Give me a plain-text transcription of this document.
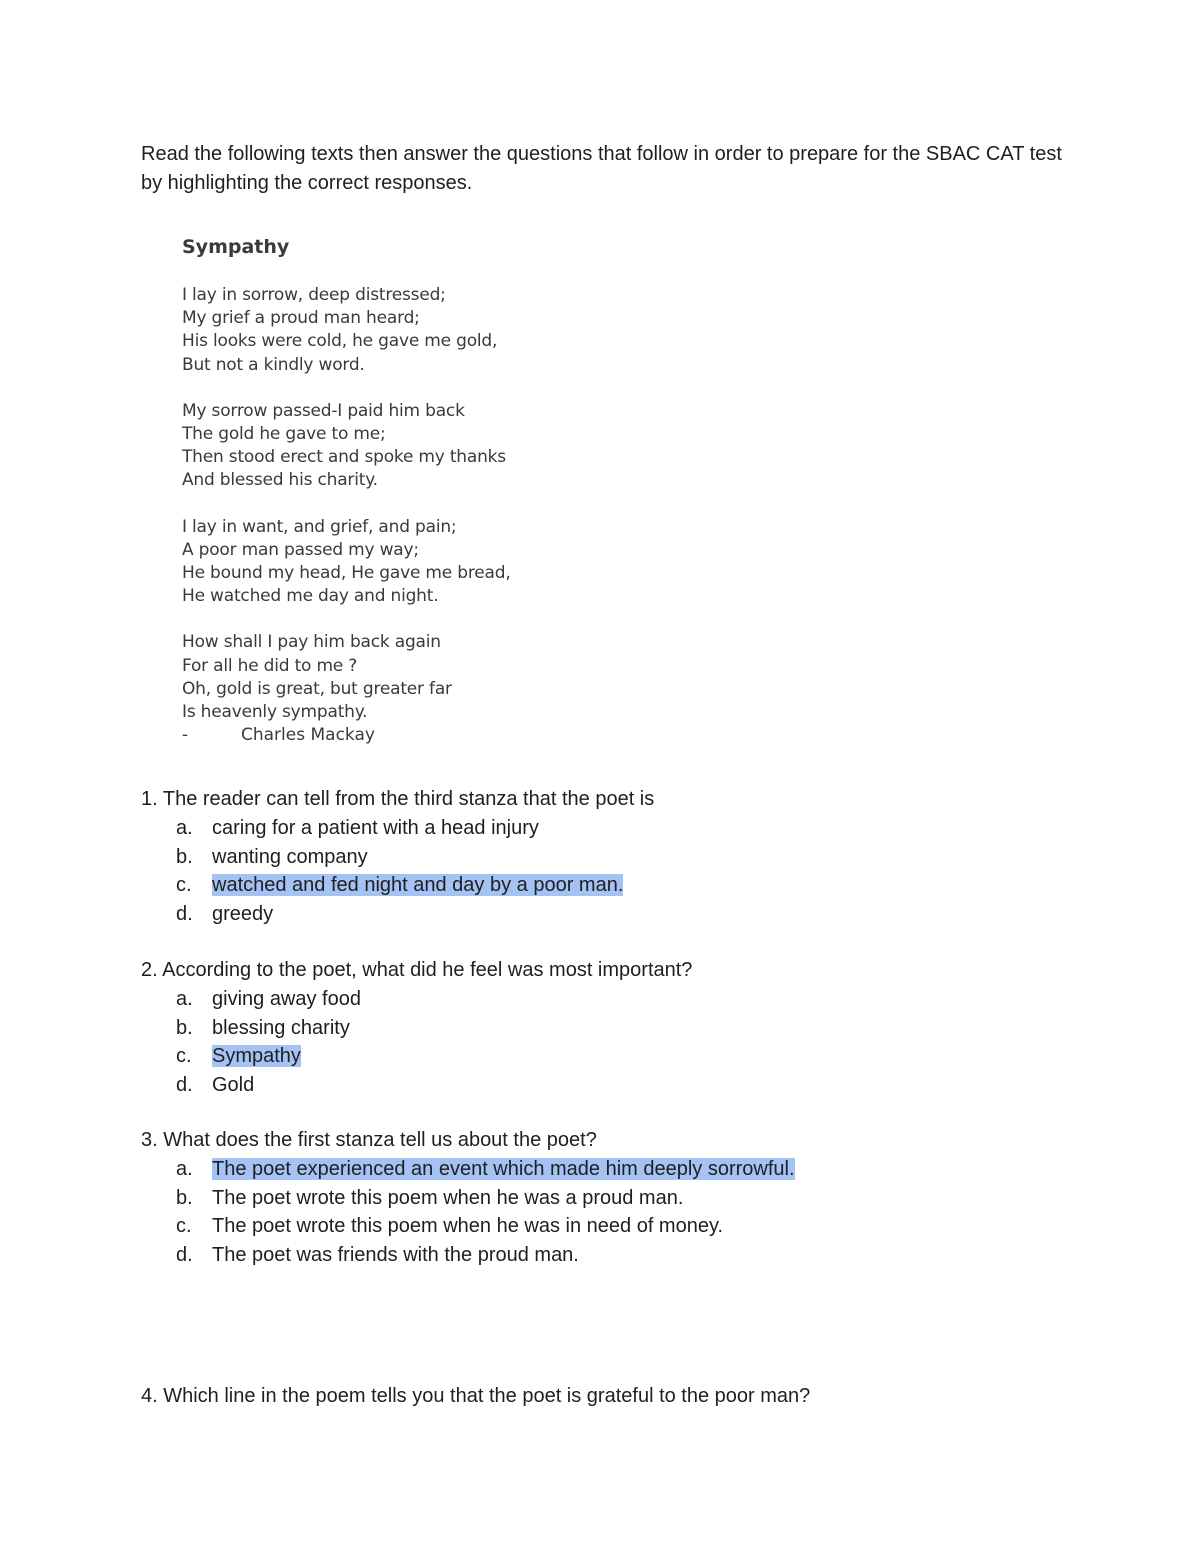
Read the following texts then answer the questions that follow in order to prepare for the SBAC CAT test by highlighting the correct responses.

Sympathy
I lay in sorrow, deep distressed;
My grief a proud man heard;
His looks were cold, he gave me gold,
But not a kindly word.
My sorrow passed-I paid him back
The gold he gave to me;
Then stood erect and spoke my thanks
And blessed his charity.
I lay in want, and grief, and pain;
A poor man passed my way;
He bound my head, He gave me bread,
He watched me day and night.
How shall I pay him back again
For all he did to me ?
Oh, gold is great, but greater far
Is heavenly sympathy.
-	Charles Mackay

1. The reader can tell from the third stanza that the poet is

a. caring for a patient with a head injury
b. wanting company
c. watched and fed night and day by a poor man.
d. greedy

2. According to the poet, what did he feel was most important?

a. giving away food
b. blessing charity
c. Sympathy
d. Gold

3. What does the first stanza tell us about the poet?

a. The poet experienced an event which made him deeply sorrowful.
b. The poet wrote this poem when he was a proud man.
c. The poet wrote this poem when he was in need of money.
d. The poet was friends with the proud man.

4. Which line in the poem tells you that the poet is grateful to the poor man?
